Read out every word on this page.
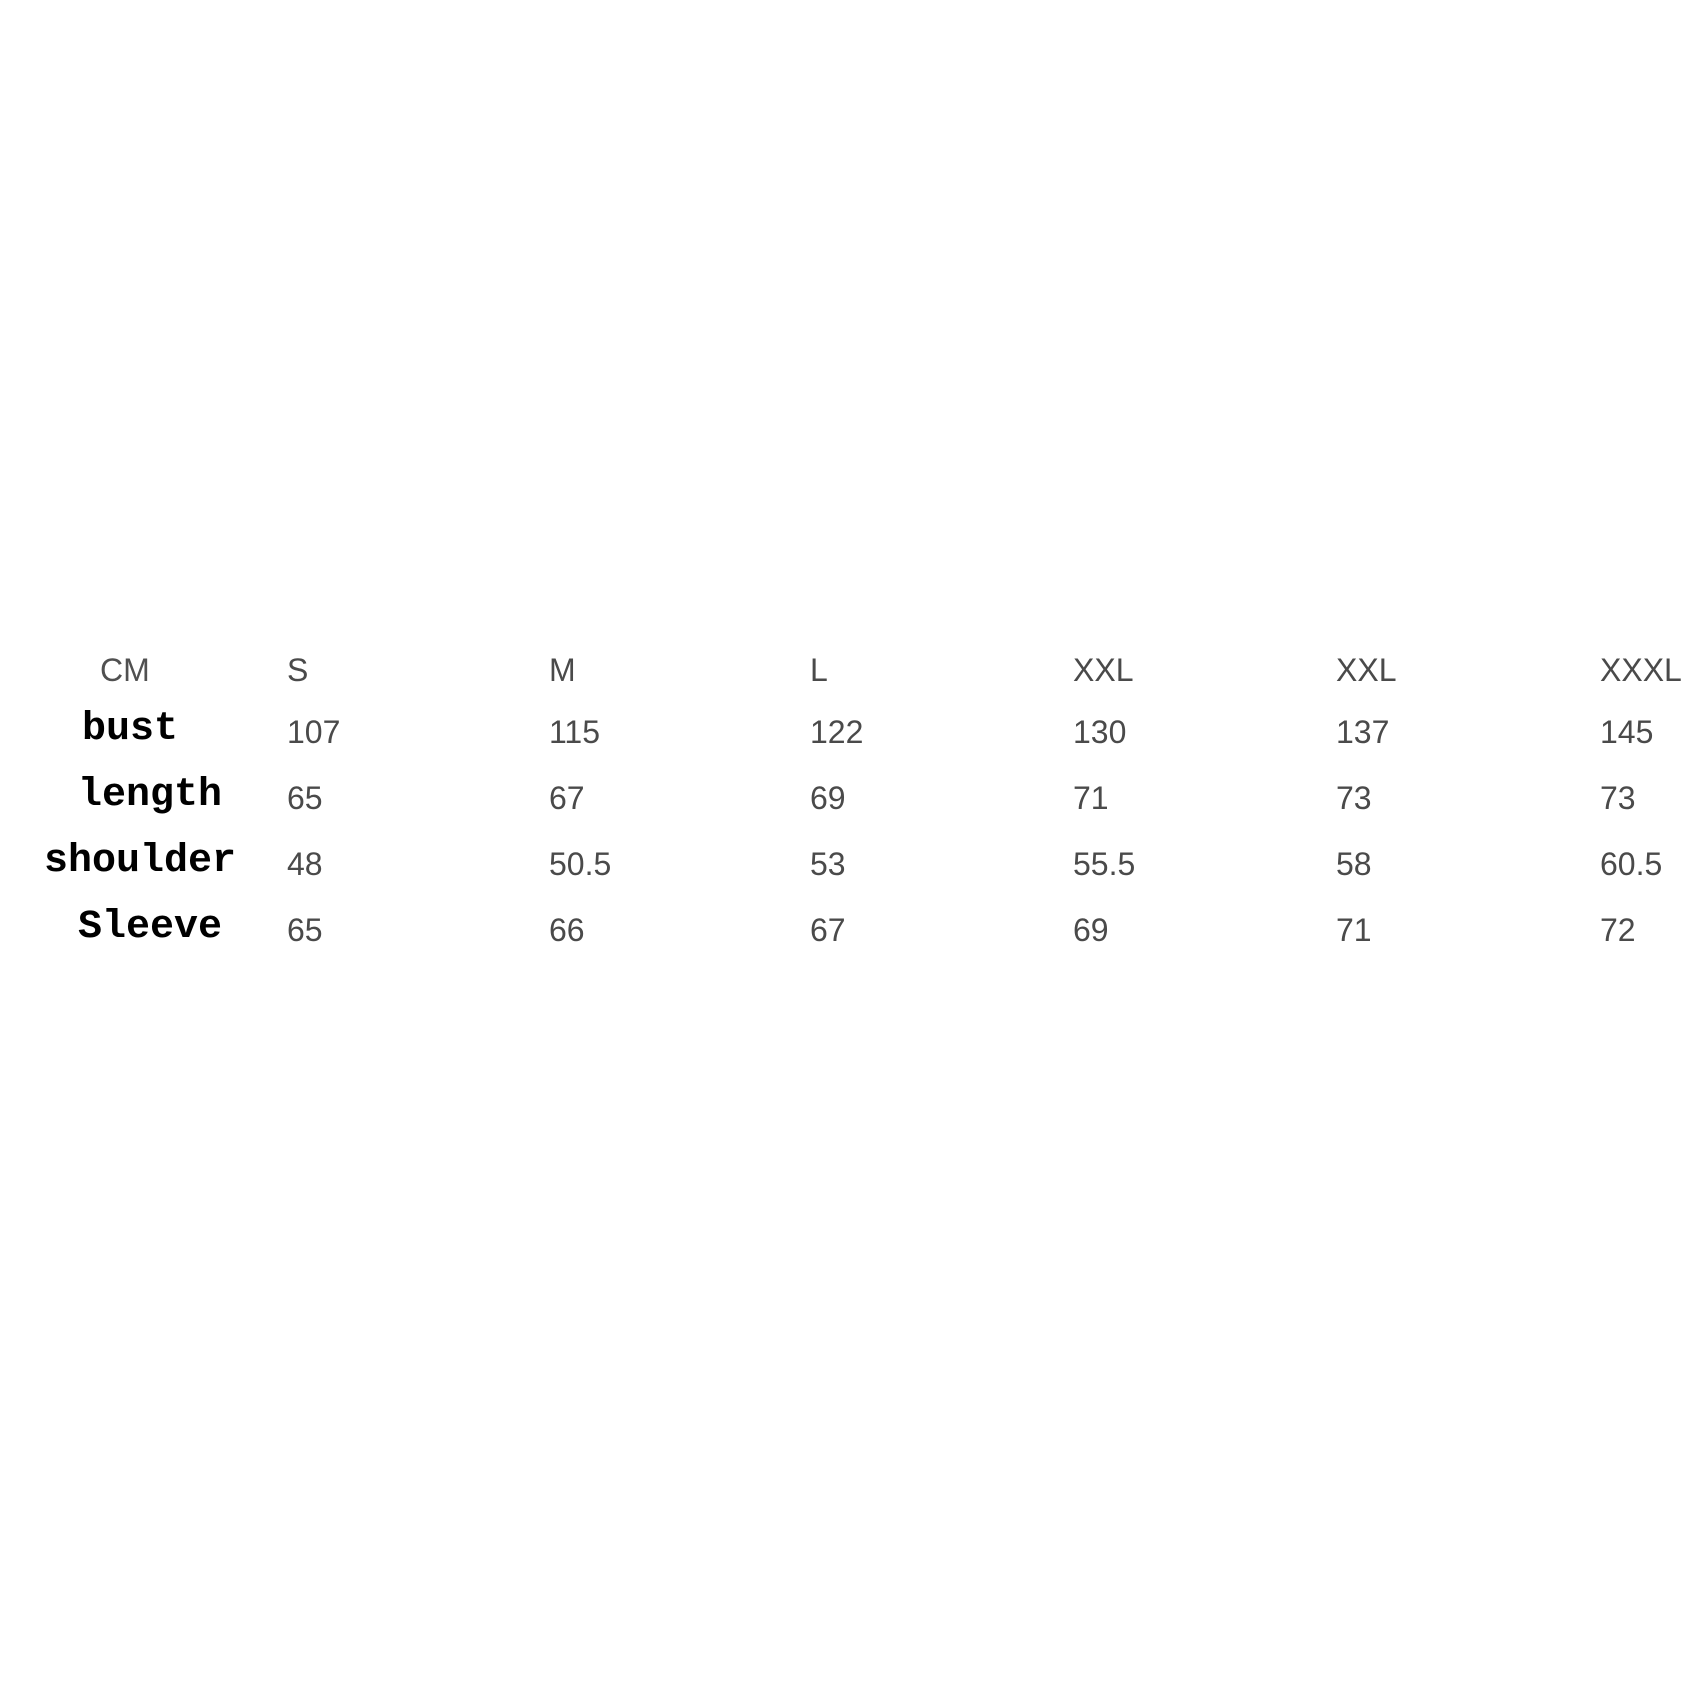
CM	S	M	L	XXL	XXL	XXXL
bust	107	115	122	130	137	145
length 65	67	69	71	73	73
shoulder 48	50.5	53	55.5	58	60.5
Sleeve 65	66	67	69	71	72
